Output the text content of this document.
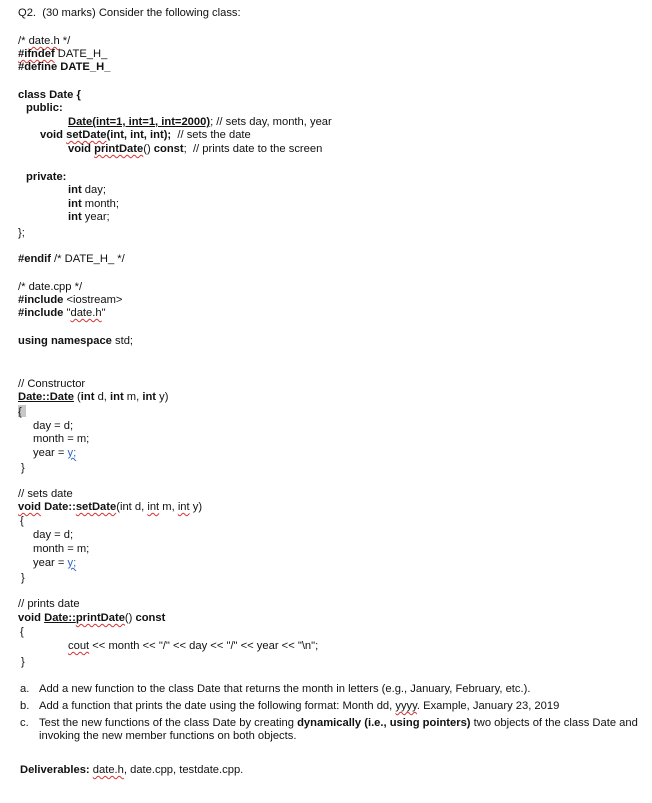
Q2. (30 marks) Consider the following class:
/* date.h */
#ifndef DATE_H_
#define DATE_H_
class Date {
public:
Date(int=1, int=1, int=2000); // sets day, month, year
void setDate(int, int, int);  // sets the date
void printDate() const;  // prints date to the screen
private:
int day;
int month;
int year;
};
#endif /* DATE_H_ */
/* date.cpp */
#include <iostream>
#include "date.h"
using namespace std;
// Constructor
Date::Date (int d, int m, int y)
{
day = d;
month = m;
year = y;
}
// sets date
void Date::setDate(int d, int m, int y)
{
day = d;
month = m;
year = y;
}
// prints date
void Date::printDate() const
{
cout << month << "/" << day << "/" << year << "\n";
}
a. Add a new function to the class Date that returns the month in letters (e.g., January, February, etc.).
b. Add a function that prints the date using the following format: Month dd, yyyy. Example, January 23, 2019
c. Test the new functions of the class Date by creating dynamically (i.e., using pointers) two objects of the class Date and invoking the new member functions on both objects.
Deliverables: date.h, date.cpp, testdate.cpp.
